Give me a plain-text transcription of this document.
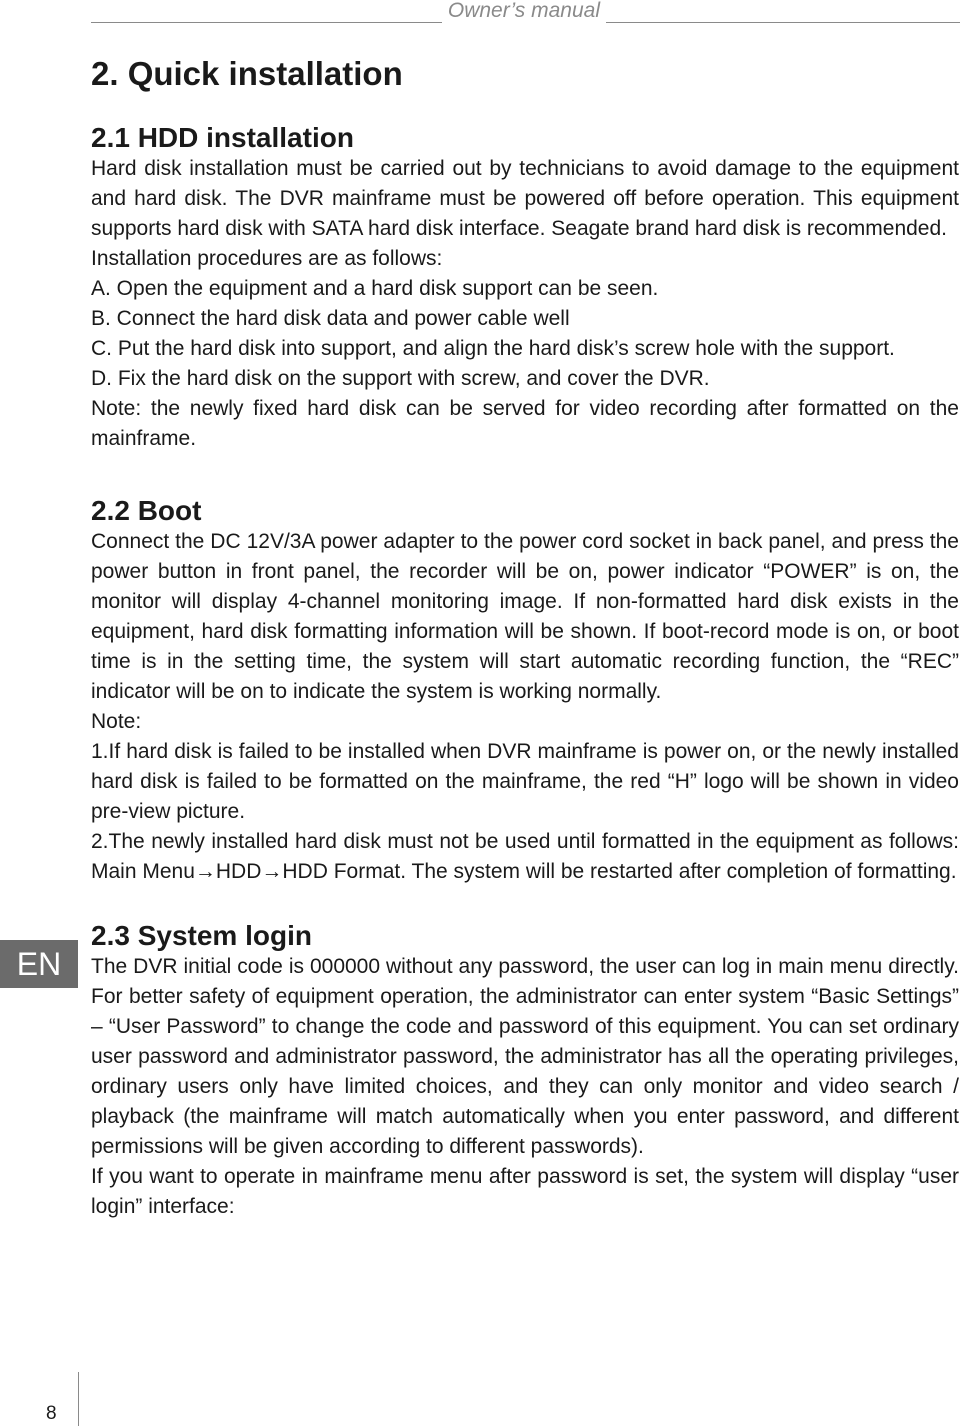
Owner’s manual
2. Quick installation
2.1 HDD installation

Hard disk installation must be carried out by technicians to avoid damage to the equipment and hard disk. The DVR mainframe must be powered off before operation. This equipment supports hard disk with SATA hard disk interface. Seagate brand hard disk is recommended.

Installation procedures are as follows:

A. Open the equipment and a hard disk support can be seen.

B. Connect the hard disk data and power cable well

C. Put the hard disk into support, and align the hard disk’s screw hole with the support.

D. Fix the hard disk on the support with screw, and cover the DVR.

Note: the newly fixed hard disk can be served for video recording after formatted on the mainframe.

2.2 Boot

Connect the DC 12V/3A power adapter to the power cord socket in back panel, and press the power button in front panel, the recorder will be on, power indicator “POWER” is on, the monitor will display 4-channel monitoring image. If non-formatted hard disk exists in the equipment, hard disk formatting information will be shown. If boot-record mode is on, or boot time is in the setting time, the system will start automatic recording function, the “REC” indicator will be on to indicate the system is working normally.

Note:

1.If hard disk is failed to be installed when DVR mainframe is power on, or the newly installed hard disk is failed to be formatted on the mainframe, the red “H” logo will be shown in video pre-view picture.

2.The newly installed hard disk must not be used until formatted in the equipment as follows: Main Menu→HDD→HDD Format. The system will be restarted after completion of formatting.

2.3 System login

The DVR initial code is 000000 without any password, the user can log in main menu directly. For better safety of equipment operation, the administrator can enter system “Basic Settings” – “User Password” to change the code and password of this equipment. You can set ordinary user password and administrator password, the administrator has all the operating privileges, ordinary users only have limited choices, and they can only monitor and video search / playback (the mainframe will match automatically when you enter password, and different permissions will be given according to different passwords).

If you want to operate in mainframe menu after password is set, the system will display “user login” interface:

EN
8
